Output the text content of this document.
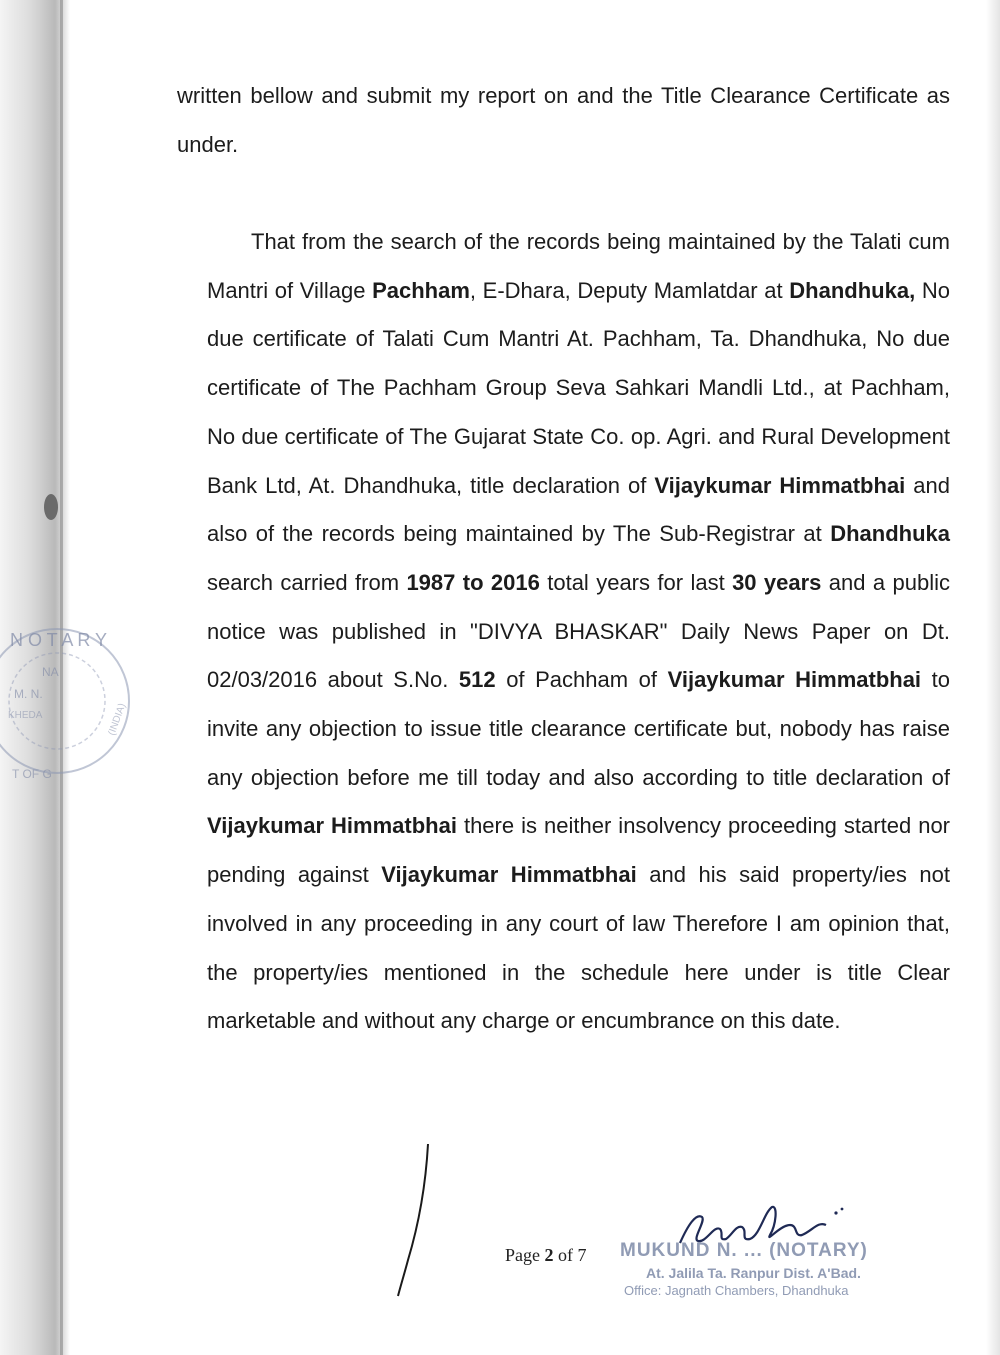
N O T A R Y
NA
M. N.
KHEDA	(INDIA)
T OF G
written bellow and submit my report on and the Title Clearance Certificate as under.
That from the search of the records being maintained by the Talati cum Mantri of Village Pachham, E-Dhara, Deputy Mamlatdar at Dhandhuka, No due certificate of Talati Cum Mantri At. Pachham, Ta. Dhandhuka, No due certificate of The Pachham Group Seva Sahkari Mandli Ltd., at Pachham, No due certificate of The Gujarat State Co. op. Agri. and Rural Development Bank Ltd, At. Dhandhuka, title declaration of Vijaykumar Himmatbhai and also of the records being maintained by The Sub-Registrar at Dhandhuka search carried from 1987 to 2016 total years for last 30 years and a public notice was published in "DIVYA BHASKAR" Daily News Paper on Dt. 02/03/2016 about S.No. 512 of Pachham of Vijaykumar Himmatbhai to invite any objection to issue title clearance certificate but, nobody has raise any objection before me till today and also according to title declaration of Vijaykumar Himmatbhai there is neither insolvency proceeding started nor pending against Vijaykumar Himmatbhai and his said property/ies not involved in any proceeding in any court of law Therefore I am opinion that, the property/ies mentioned in the schedule here under is title Clear marketable and without any charge or encumbrance on this date.
Page 2 of 7 MUKUND N. ... (NOTARY)
At. Jalila Ta. Ranpur Dist. A'Bad.
Office: Jagnath Chambers, Dhandhuka
